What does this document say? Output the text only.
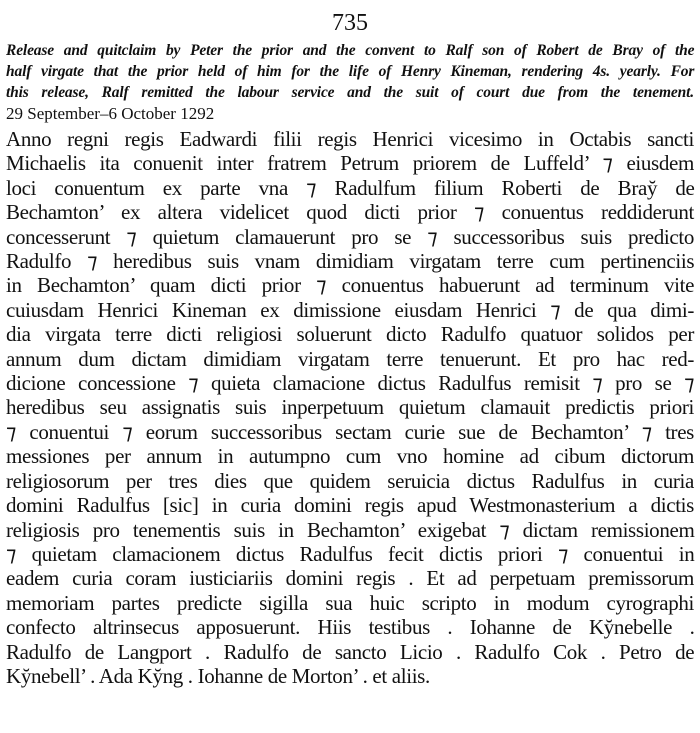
735
Release and quitclaim by Peter the prior and the convent to Ralf son of Robert de Bray of the
half virgate that the prior held of him for the life of Henry Kineman, rendering 4s. yearly. For
this release, Ralf remitted the labour service and the suit of court due from the tenement.
29 September–6 October 1292
Anno regni regis Eadwardi filii regis Henrici vicesimo in Octabis sancti
Michaelis ita conuenit inter fratrem Petrum priorem de Luffeld’ ⁊ eiusdem
loci conuentum ex parte vna ⁊ Radulfum filium Roberti de Bray̆ de
Bechamton’ ex altera videlicet quod dicti prior ⁊ conuentus reddiderunt
concesserunt ⁊ quietum clamauerunt pro se ⁊ successoribus suis predicto
Radulfo ⁊ heredibus suis vnam dimidiam virgatam terre cum pertinenciis
in Bechamton’ quam dicti prior ⁊ conuentus habuerunt ad terminum vite
cuiusdam Henrici Kineman ex dimissione eiusdam Henrici ⁊ de qua dimi-
dia virgata terre dicti religiosi soluerunt dicto Radulfo quatuor solidos per
annum dum dictam dimidiam virgatam terre tenuerunt. Et pro hac red-
dicione concessione ⁊ quieta clamacione dictus Radulfus remisit ⁊ pro se ⁊
heredibus seu assignatis suis inperpetuum quietum clamauit predictis priori
⁊ conuentui ⁊ eorum successoribus sectam curie sue de Bechamton’ ⁊ tres
messiones per annum in autumpno cum vno homine ad cibum dictorum
religiosorum per tres dies que quidem seruicia dictus Radulfus in curia
domini Radulfus [sic] in curia domini regis apud Westmonasterium a dictis
religiosis pro tenementis suis in Bechamton’ exigebat ⁊ dictam remissionem
⁊ quietam clamacionem dictus Radulfus fecit dictis priori ⁊ conuentui in
eadem curia coram iusticiariis domini regis . Et ad perpetuam premissorum
memoriam partes predicte sigilla sua huic scripto in modum cyrographi
confecto altrinsecus apposuerunt. Hiis testibus . Iohanne de Ky̆nebelle .
Radulfo de Langport . Radulfo de sancto Licio . Radulfo Cok . Petro de
Ky̆nebell’ . Ada Ky̆ng . Iohanne de Morton’ . et aliis.
